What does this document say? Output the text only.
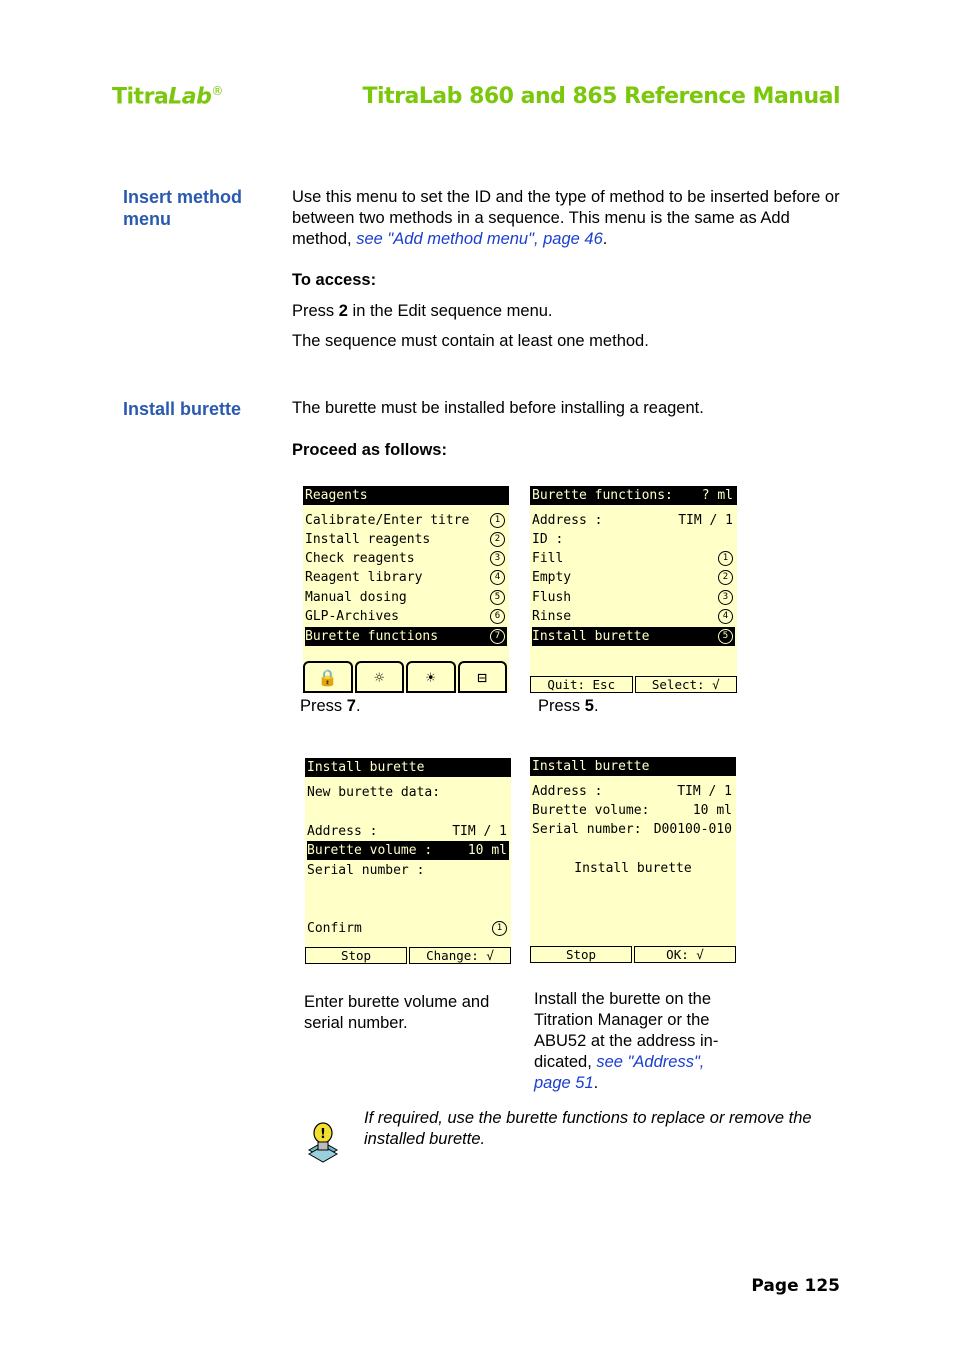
TitraLab®	TitraLab 860 and 865 Reference Manual
Insert method menu
Use this menu to set the ID and the type of method to be inserted before or between two methods in a sequence. This menu is the same as Add method, see "Add method menu", page 46.
To access:
Press 2 in the Edit sequence menu.
The sequence must contain at least one method.
Install burette	The burette must be installed before installing a reagent.
Proceed as follows:
Reagents
Calibrate/Enter titre	1
Install reagents	2
Check reagents	3
Reagent library	4
Manual dosing	5
GLP-Archives	6
Burette functions	7
🔒	☼	☀	⊟
Press 7.
Burette functions: ? ml
Address :	TIM / 1
ID :
Fill	1
Empty	2
Flush	3
Rinse	4
Install burette	5
Quit: Esc	Select: √
Press 5.
Install burette
New burette data:
Address :	TIM / 1
Burette volume :	10 ml
Serial number :
Confirm	1
Stop	Change: √
Enter burette volume and serial number.
Install burette
Address :	TIM / 1
Burette volume:	10 ml
Serial number: D00100-010
Install burette
Stop	OK: √
Install the burette on the Titration Manager or the ABU52 at the address in-dicated, see "Address", page 51.
!
If required, use the burette functions to replace or remove the installed burette.
Page 125
